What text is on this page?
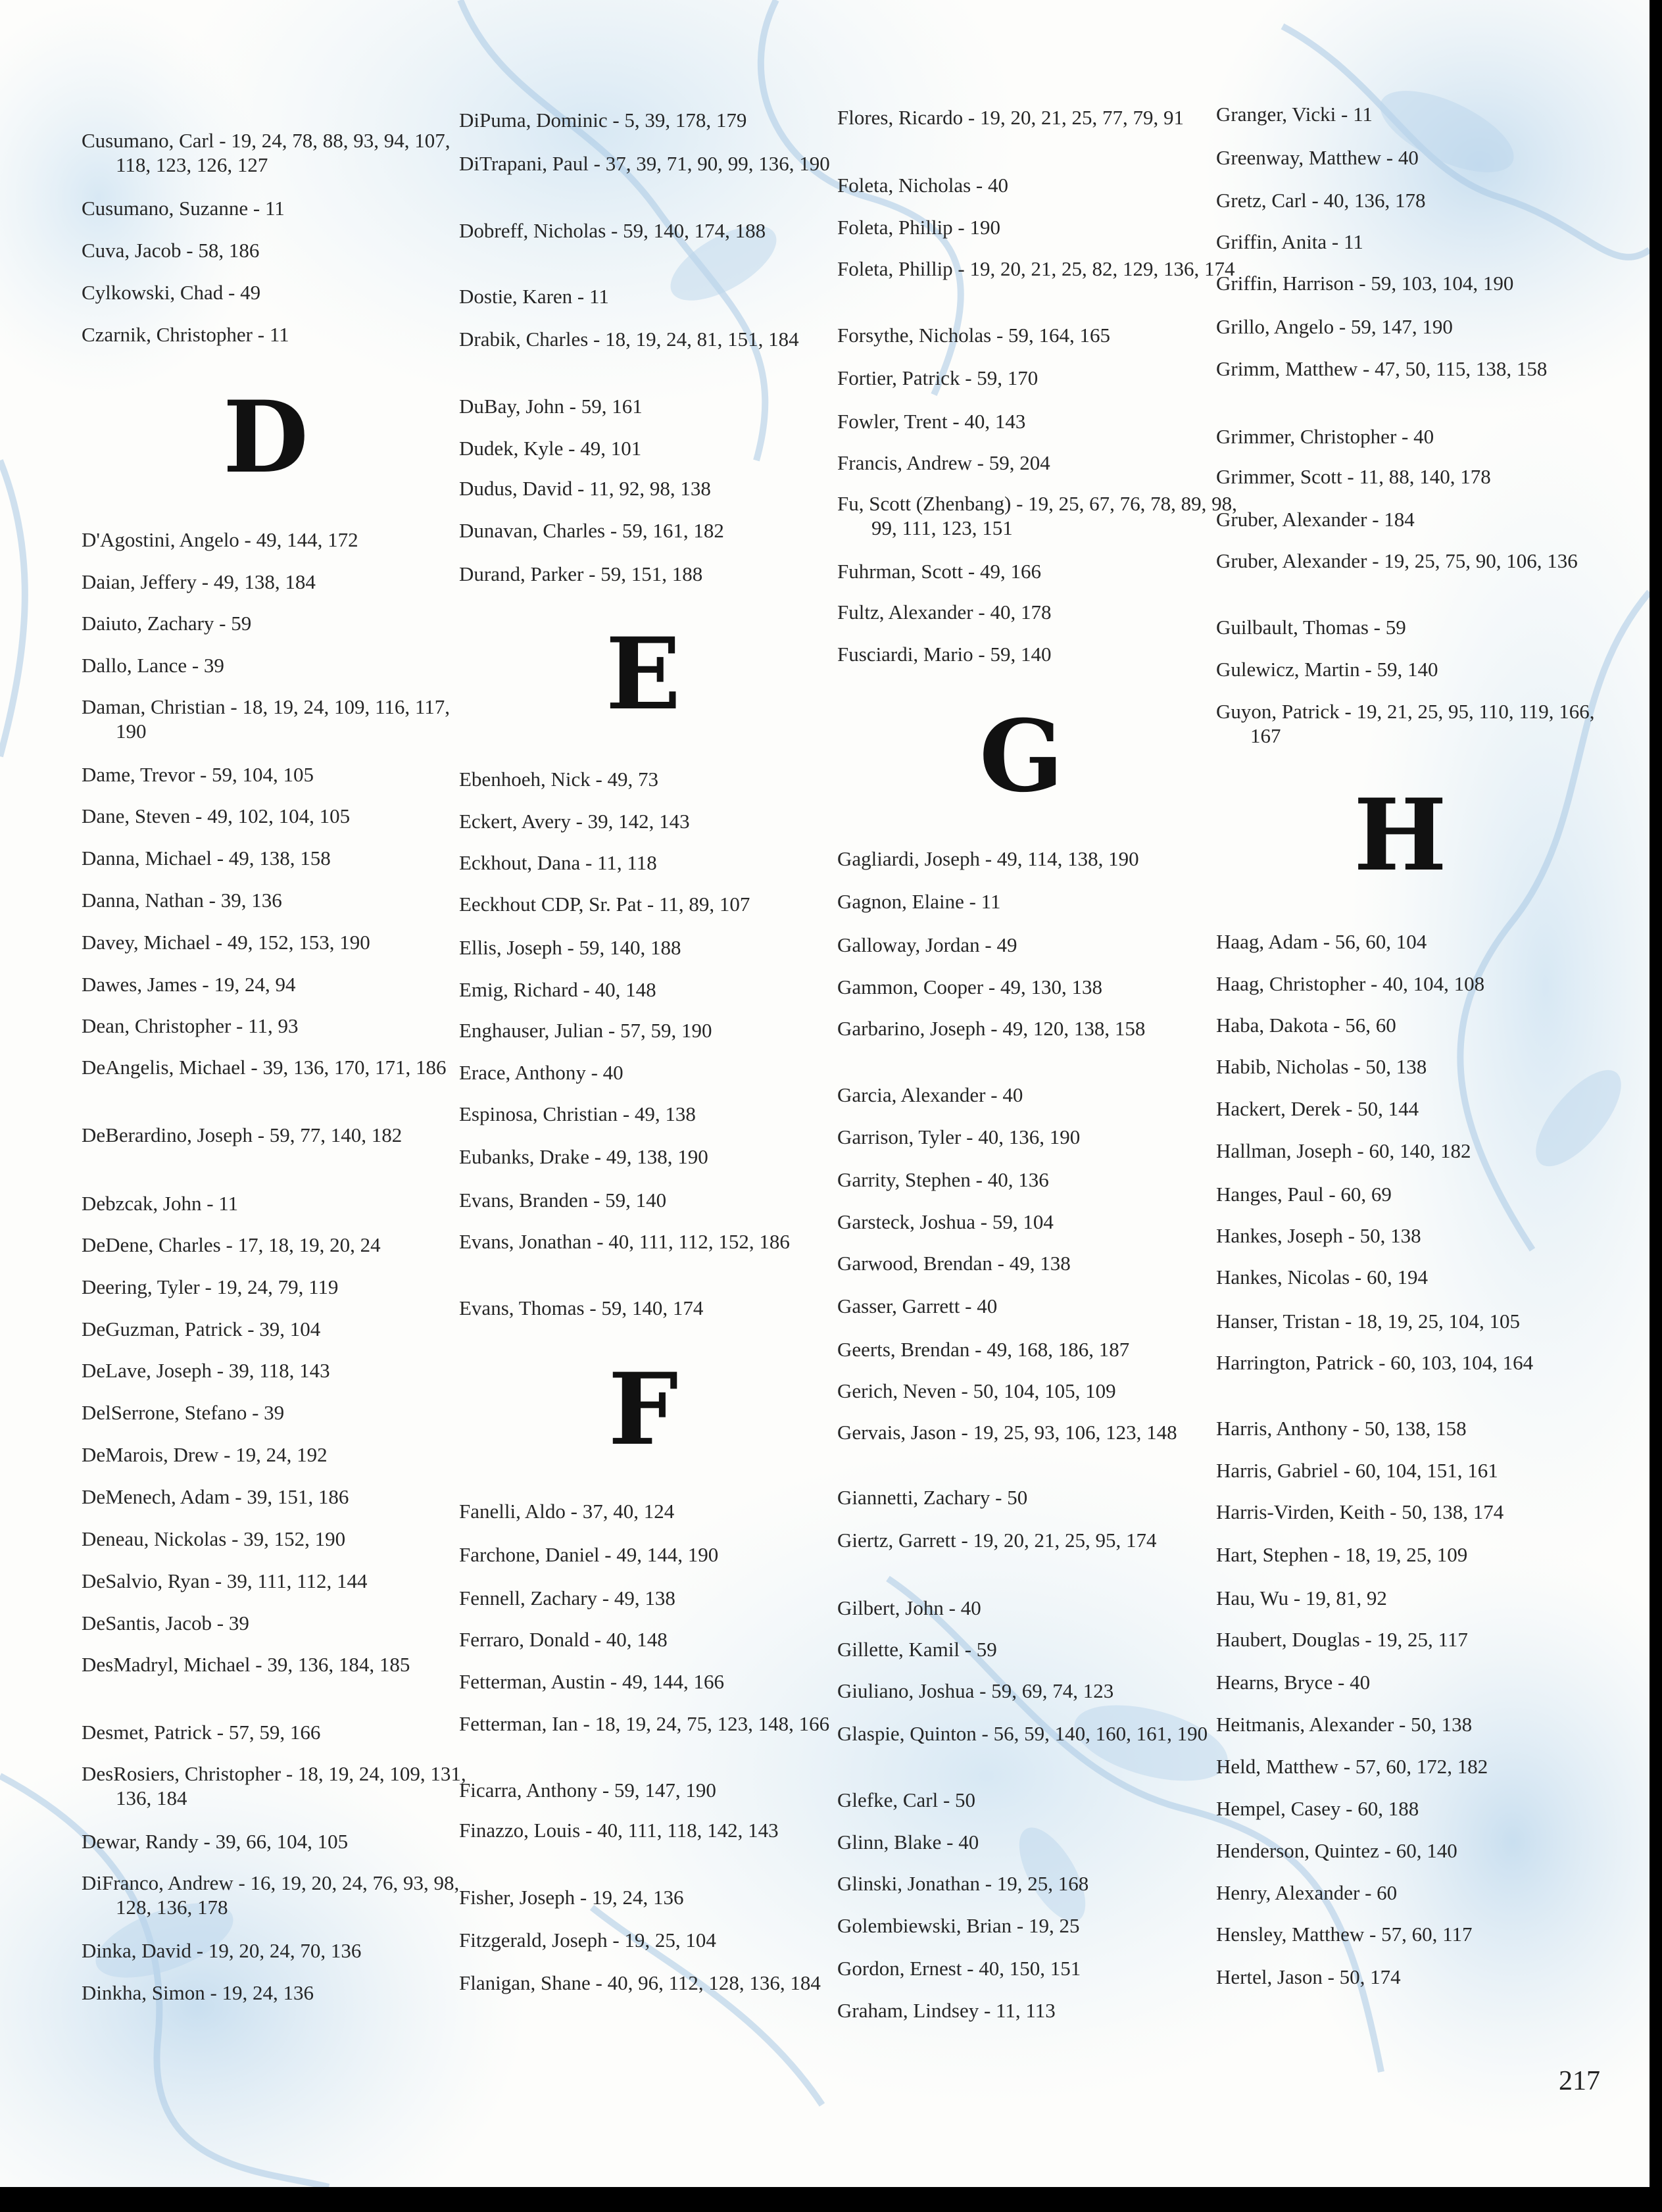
Cusumano, Carl - 19, 24, 78, 88, 93, 94, 107, 118, 123, 126, 127
Cusumano, Suzanne - 11
Cuva, Jacob - 58, 186
Cylkowski, Chad - 49
Czarnik, Christopher - 11
D
D'Agostini, Angelo - 49, 144, 172
Daian, Jeffery - 49, 138, 184
Daiuto, Zachary - 59
Dallo, Lance - 39
Daman, Christian - 18, 19, 24, 109, 116, 117, 190
Dame, Trevor - 59, 104, 105
Dane, Steven - 49, 102, 104, 105
Danna, Michael - 49, 138, 158
Danna, Nathan - 39, 136
Davey, Michael - 49, 152, 153, 190
Dawes, James - 19, 24, 94
Dean, Christopher - 11, 93
DeAngelis, Michael - 39, 136, 170, 171, 186
DeBerardino, Joseph - 59, 77, 140, 182
Debzcak, John - 11
DeDene, Charles - 17, 18, 19, 20, 24
Deering, Tyler - 19, 24, 79, 119
DeGuzman, Patrick - 39, 104
DeLave, Joseph - 39, 118, 143
DelSerrone, Stefano - 39
DeMarois, Drew - 19, 24, 192
DeMenech, Adam - 39, 151, 186
Deneau, Nickolas - 39, 152, 190
DeSalvio, Ryan - 39, 111, 112, 144
DeSantis, Jacob - 39
DesMadryl, Michael - 39, 136, 184, 185
Desmet, Patrick - 57, 59, 166
DesRosiers, Christopher - 18, 19, 24, 109, 131, 136, 184
Dewar, Randy - 39, 66, 104, 105
DiFranco, Andrew - 16, 19, 20, 24, 76, 93, 98, 128, 136, 178
Dinka, David - 19, 20, 24, 70, 136
Dinkha, Simon - 19, 24, 136
DiPuma, Dominic - 5, 39, 178, 179
DiTrapani, Paul - 37, 39, 71, 90, 99, 136, 190
Dobreff, Nicholas - 59, 140, 174, 188
Dostie, Karen - 11
Drabik, Charles - 18, 19, 24, 81, 151, 184
DuBay, John - 59, 161
Dudek, Kyle - 49, 101
Dudus, David - 11, 92, 98, 138
Dunavan, Charles - 59, 161, 182
Durand, Parker - 59, 151, 188
E
Ebenhoeh, Nick - 49, 73
Eckert, Avery - 39, 142, 143
Eckhout, Dana - 11, 118
Eeckhout CDP, Sr. Pat - 11, 89, 107
Ellis, Joseph - 59, 140, 188
Emig, Richard - 40, 148
Enghauser, Julian - 57, 59, 190
Erace, Anthony - 40
Espinosa, Christian - 49, 138
Eubanks, Drake - 49, 138, 190
Evans, Branden - 59, 140
Evans, Jonathan - 40, 111, 112, 152, 186
Evans, Thomas - 59, 140, 174
F
Fanelli, Aldo - 37, 40, 124
Farchone, Daniel - 49, 144, 190
Fennell, Zachary - 49, 138
Ferraro, Donald - 40, 148
Fetterman, Austin - 49, 144, 166
Fetterman, Ian - 18, 19, 24, 75, 123, 148, 166
Ficarra, Anthony - 59, 147, 190
Finazzo, Louis - 40, 111, 118, 142, 143
Fisher, Joseph - 19, 24, 136
Fitzgerald, Joseph - 19, 25, 104
Flanigan, Shane - 40, 96, 112, 128, 136, 184
Flores, Ricardo - 19, 20, 21, 25, 77, 79, 91
Foleta, Nicholas - 40
Foleta, Phillip - 190
Foleta, Phillip - 19, 20, 21, 25, 82, 129, 136, 174
Forsythe, Nicholas - 59, 164, 165
Fortier, Patrick - 59, 170
Fowler, Trent - 40, 143
Francis, Andrew - 59, 204
Fu, Scott (Zhenbang) - 19, 25, 67, 76, 78, 89, 98, 99, 111, 123, 151
Fuhrman, Scott - 49, 166
Fultz, Alexander - 40, 178
Fusciardi, Mario - 59, 140
G
Gagliardi, Joseph - 49, 114, 138, 190
Gagnon, Elaine - 11
Galloway, Jordan - 49
Gammon, Cooper - 49, 130, 138
Garbarino, Joseph - 49, 120, 138, 158
Garcia, Alexander - 40
Garrison, Tyler - 40, 136, 190
Garrity, Stephen - 40, 136
Garsteck, Joshua - 59, 104
Garwood, Brendan - 49, 138
Gasser, Garrett - 40
Geerts, Brendan - 49, 168, 186, 187
Gerich, Neven - 50, 104, 105, 109
Gervais, Jason - 19, 25, 93, 106, 123, 148
Giannetti, Zachary - 50
Giertz, Garrett - 19, 20, 21, 25, 95, 174
Gilbert, John - 40
Gillette, Kamil - 59
Giuliano, Joshua - 59, 69, 74, 123
Glaspie, Quinton - 56, 59, 140, 160, 161, 190
Glefke, Carl - 50
Glinn, Blake - 40
Glinski, Jonathan - 19, 25, 168
Golembiewski, Brian - 19, 25
Gordon, Ernest - 40, 150, 151
Graham, Lindsey - 11, 113
Granger, Vicki - 11
Greenway, Matthew - 40
Gretz, Carl - 40, 136, 178
Griffin, Anita - 11
Griffin, Harrison - 59, 103, 104, 190
Grillo, Angelo - 59, 147, 190
Grimm, Matthew - 47, 50, 115, 138, 158
Grimmer, Christopher - 40
Grimmer, Scott - 11, 88, 140, 178
Gruber, Alexander - 184
Gruber, Alexander - 19, 25, 75, 90, 106, 136
Guilbault, Thomas - 59
Gulewicz, Martin - 59, 140
Guyon, Patrick - 19, 21, 25, 95, 110, 119, 166, 167
H
Haag, Adam - 56, 60, 104
Haag, Christopher - 40, 104, 108
Haba, Dakota - 56, 60
Habib, Nicholas - 50, 138
Hackert, Derek - 50, 144
Hallman, Joseph - 60, 140, 182
Hanges, Paul - 60, 69
Hankes, Joseph - 50, 138
Hankes, Nicolas - 60, 194
Hanser, Tristan - 18, 19, 25, 104, 105
Harrington, Patrick - 60, 103, 104, 164
Harris, Anthony - 50, 138, 158
Harris, Gabriel - 60, 104, 151, 161
Harris-Virden, Keith - 50, 138, 174
Hart, Stephen - 18, 19, 25, 109
Hau, Wu - 19, 81, 92
Haubert, Douglas - 19, 25, 117
Hearns, Bryce - 40
Heitmanis, Alexander - 50, 138
Held, Matthew - 57, 60, 172, 182
Hempel, Casey - 60, 188
Henderson, Quintez - 60, 140
Henry, Alexander - 60
Hensley, Matthew - 57, 60, 117
Hertel, Jason - 50, 174
217
